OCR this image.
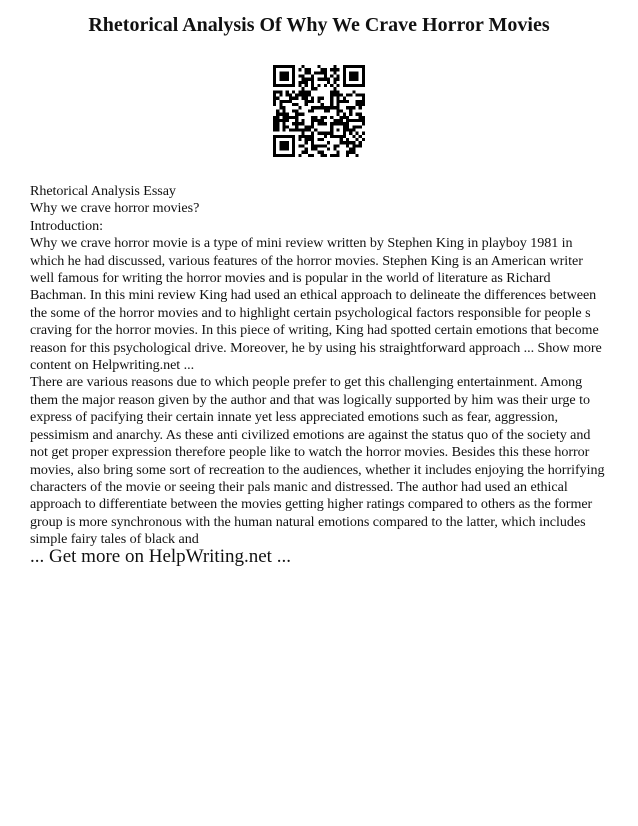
Rhetorical Analysis Of Why We Crave Horror Movies
Rhetorical Analysis Essay
Why we crave horror movies?
Introduction:
Why we crave horror movie is a type of mini review written by Stephen King in playboy 1981 in
which he had discussed, various features of the horror movies. Stephen King is an American writer
well famous for writing the horror movies and is popular in the world of literature as Richard
Bachman. In this mini review King had used an ethical approach to delineate the differences between
the some of the horror movies and to highlight certain psychological factors responsible for people s
craving for the horror movies. In this piece of writing, King had spotted certain emotions that become
reason for this psychological drive. Moreover, he by using his straightforward approach ... Show more
content on Helpwriting.net ...
There are various reasons due to which people prefer to get this challenging entertainment. Among
them the major reason given by the author and that was logically supported by him was their urge to
express of pacifying their certain innate yet less appreciated emotions such as fear, aggression,
pessimism and anarchy. As these anti civilized emotions are against the status quo of the society and
not get proper expression therefore people like to watch the horror movies. Besides this these horror
movies, also bring some sort of recreation to the audiences, whether it includes enjoying the horrifying
characters of the movie or seeing their pals manic and distressed. The author had used an ethical
approach to differentiate between the movies getting higher ratings compared to others as the former
group is more synchronous with the human natural emotions compared to the latter, which includes
simple fairy tales of black and
... Get more on HelpWriting.net ...
